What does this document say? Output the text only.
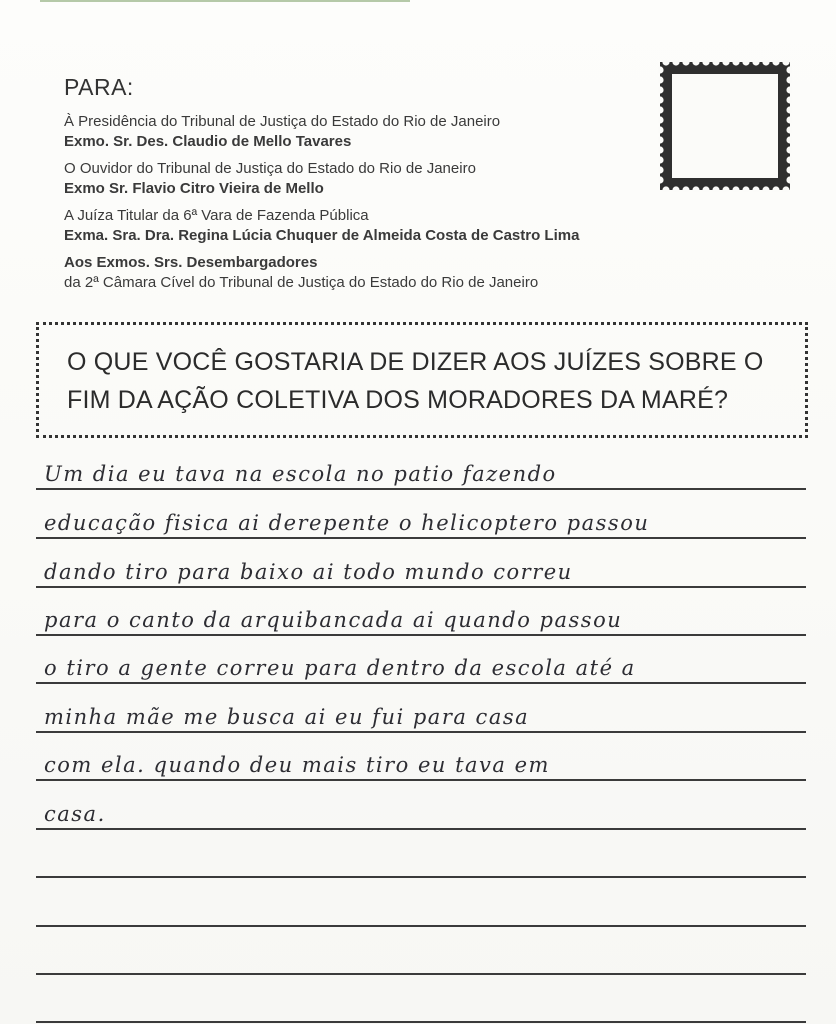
PARA:
À Presidência do Tribunal de Justiça do Estado do Rio de Janeiro
Exmo. Sr. Des. Claudio de Mello Tavares
O Ouvidor do Tribunal de Justiça do Estado do Rio de Janeiro
Exmo Sr. Flavio Citro Vieira de Mello
A Juíza Titular da 6ª Vara de Fazenda Pública
Exma. Sra. Dra. Regina Lúcia Chuquer de Almeida Costa de Castro Lima
Aos Exmos. Srs. Desembargadores
da 2ª Câmara Cível do Tribunal de Justiça do Estado do Rio de Janeiro
O QUE VOCÊ GOSTARIA DE DIZER AOS JUÍZES SOBRE O
FIM DA AÇÃO COLETIVA DOS MORADORES DA MARÉ?
Um dia eu tava na escola no patio fazendo
educação fisica ai derepente o helicoptero passou
dando tiro para baixo ai todo mundo correu
para o canto da arquibancada ai quando passou
o tiro a gente correu para dentro da escola até a
minha mãe me busca ai eu fui para casa
com ela. quando deu mais tiro eu tava em
casa.
